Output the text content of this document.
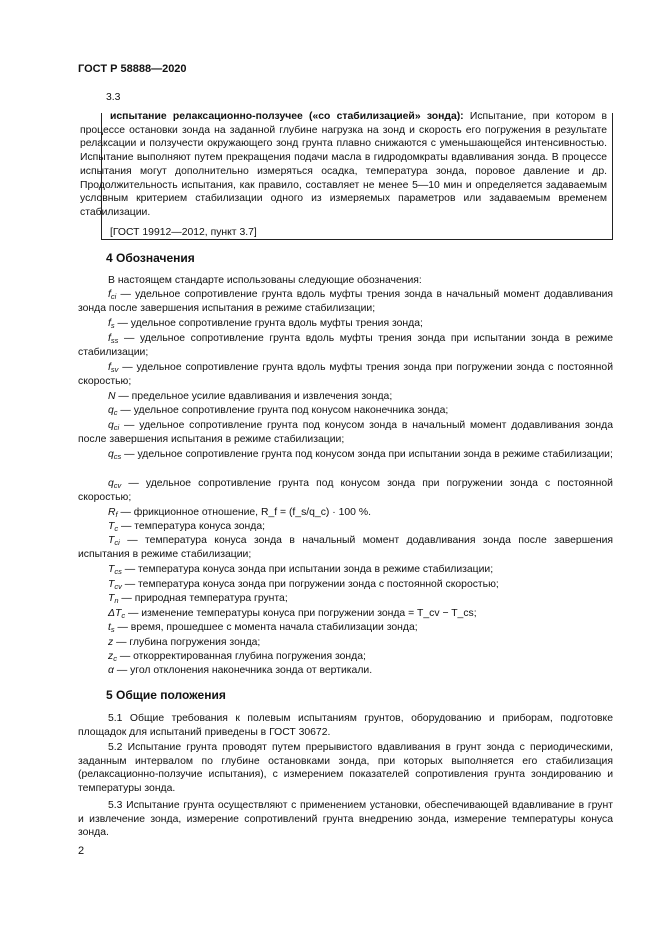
ГОСТ Р 58888—2020
3.3

испытание релаксационно-ползучее («со стабилизацией» зонда): Испытание, при котором в процессе остановки зонда на заданной глубине нагрузка на зонд и скорость его погружения в результате релаксации и ползучести окружающего зонд грунта плавно снижаются с уменьшающейся интенсивностью. Испытание выполняют путем прекращения подачи масла в гидродомкраты вдавливания зонда. В процессе испытания могут дополнительно измеряться осадка, температура зонда, поровое давление и др. Продолжительность испытания, как правило, составляет не менее 5—10 мин и определяется задаваемым условным критерием стабилизации одного из измеряемых параметров или задаваемым временем стабилизации.

[ГОСТ 19912—2012, пункт 3.7]
4 Обозначения

В настоящем стандарте использованы следующие обозначения:

$f_{ci}$ — удельное сопротивление грунта вдоль муфты трения зонда в начальный момент додавливания зонда после завершения испытания в режиме стабилизации;

$f_s$ — удельное сопротивление грунта вдоль муфты трения зонда;

$f_{ss}$ — удельное сопротивление грунта вдоль муфты трения зонда при испытании зонда в режиме стабилизации;

$f_{sv}$ — удельное сопротивление грунта вдоль муфты трения зонда при погружении зонда с постоянной скоростью;

N — предельное усилие вдавливания и извлечения зонда;

$q_c$ — удельное сопротивление грунта под конусом наконечника зонда;

$q_{ci}$ — удельное сопротивление грунта под конусом зонда в начальный момент додавливания зонда после завершения испытания в режиме стабилизации;

$q_{cs}$ — удельное сопротивление грунта под конусом зонда при испытании зонда в режиме стабилизации;

$q_{cv}$ — удельное сопротивление грунта под конусом зонда при погружении зонда с постоянной скоростью;

$R_f$ — фрикционное отношение, R_f = (f_s/q_c) · 100 %.

$T_c$ — температура конуса зонда;

$T_{ci}$ — температура конуса зонда в начальный момент додавливания зонда после завершения испытания в режиме стабилизации;

$T_{cs}$ — температура конуса зонда при испытании зонда в режиме стабилизации;

$T_{cv}$ — температура конуса зонда при погружении зонда с постоянной скоростью;

$T_n$ — природная температура грунта;

$\Delta T_c$ — изменение температуры конуса при погружении зонда = T_cv − T_cs;

$t_s$ — время, прошедшее с момента начала стабилизации зонда;

z — глубина погружения зонда;

$z_c$ — откорректированная глубина погружения зонда;

α — угол отклонения наконечника зонда от вертикали.

5 Общие положения

5.1 Общие требования к полевым испытаниям грунтов, оборудованию и приборам, подготовке площадок для испытаний приведены в ГОСТ 30672.

5.2 Испытание грунта проводят путем прерывистого вдавливания в грунт зонда с периодическими, заданным интервалом по глубине остановками зонда, при которых выполняется его стабилизация (релаксационно-ползучие испытания), с измерением показателей сопротивления грунта зондированию и температуры зонда.

5.3 Испытание грунта осуществляют с применением установки, обеспечивающей вдавливание в грунт и извлечение зонда, измерение сопротивлений грунта внедрению зонда, измерение температуры конуса зонда.

2
